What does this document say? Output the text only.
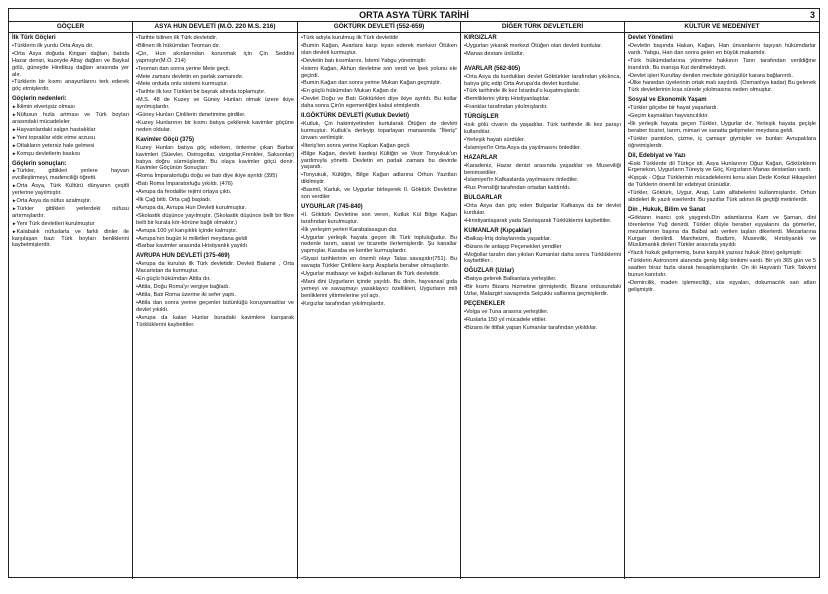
ORTA ASYA TÜRK TARİHİ	3
GÖÇLER	ASYA HUN DEVLETİ (M.Ö. 220 M.S. 216)	GÖKTÜRK DEVLETİ (552-659)	DİĞER TÜRK DEVLETLERİ	KÜLTÜR VE MEDENİYET
İlk Türk Göçleri
•Türklerin ilk yurdu Orta Asya dır.
•Orta Asya doğuda Kingan dağları, batıda Hazar denizi, kuzeyde Altay dağları ve Baykal gölü, güneyde Hindikuş dağları arasında yer alır.
•Türklerin bir kısmı anayurtlarını terk ederek göç etmişlerdir.
Göçlerin nedenleri:
► İklimin elverişsiz olması
► Nüfusun hızla artması ve Türk boyları arasındaki mücadeleler
► Hayvanlardaki salgın hastalıklar
► Yeni topraklar elde etme arzusu
► Otlakların yetersiz hale gelmesi
► Komşu devletlerin baskısı
Göçlerin sonuçları:
► Türkler, gittikleri yerlere hayvan evcilleştirmeyi, madenciliği öğretti.
► Orta Asya, Türk Kültürü dünyanın çeşitli yerlerine yayılmıştır.
► Orta Asya da nüfus azalmıştır.
► Türkler gittikleri yerlerdeki nüfusu artırmışlardır.
► Yeni Türk devletleri kurulmuştur
► Kalabalık nüfuslarla ve farklı dinler ile karşılaşan bazı Türk boyları benliklerini kaybetmişlerdir.
• Tarihte bilinen ilk Türk devletidir.
• Bilinen ilk hükümdarı Teoman dır.
• Çin, Hun akınlarından korunmak için Çin Seddini yapmıştır(M.Ö. 214)
• Teoman dan sonra yerine Mete geçti.
• Mete zamanı devletin en parlak zamanıdır.
• Mete orduda onlu sistemi kurmuştur.
• Tarihte ilk kez Türkleri bir bayrak altında toplamıştır.
• M.S. 48 de Kuzey ve Güney Hunları olmak üzere ikiye ayrılmışlardır.
• Güney Hunları Çinlilerin denetimine girdiler.
• Kuzey Hunlarının bir kısmı batıya çekilerek kavimler göçüne neden oldular.
Kavimler Göçü (375)
Kuzey Hunları batıya göç ederken, önlerine çıkan Barbar kavimleri (Süevler, Ostrogotlar, vizigotlar,Frenkler, Saksonlar) batıya doğru sürmüşlerdir. Bu olaya kavimler göçü denir. Kavimler Göçünün Sonuçları:
• Roma İmparatorluğu doğu ve batı diye ikiye ayrıldı (395)
• Batı Roma İmparatorluğu yıkıldı. (476)
• Avrupa da feodalite rejimi ortaya çıktı.
• İlk Çağ bitti. Orta çağ başladı.
• Avrupa da, Avrupa Hun Devleti kurulmuştur.
• Skolastik düşünce yayılmıştır. (Skolastik düşünce belli bir fikre belli bir kurala kör-körüne bağlı olmaktır.)
• Avrupa 100 yıl karışıklık içinde kalmıştır.
• Avrupa'nın bugün ki milletleri meydana geldi
• Barbar kavimler arasında Hristiyanlık yayıldı
AVRUPA HUN DEVLETİ (375-469)
• Avrupa da kurulan ilk Türk devletidir. Devleti Balamir , Orta Macaristan da kurmuştur.
• En güçlü hükümdarı Attila dır.
• Attila, Doğu Roma'yı vergiye bağladı.
• Attila, Batı Roma üzerine iki sefer yaptı.
• Attila dan sonra yerine geçenler bütünlüğü koruyamadılar ve devlet yıkıldı.
• Avrupa da kalan Hunlar buradaki kavimlere karışarak Türklüklerini kaybettiler.
• Türk adıyla kurulmuş ilk Türk devletidir
• Bumin Kağan, Avarlara karşı isyan ederek merkezi Ötüken olan devleti kurmuştur.
• Devletin batı kısımlarını, İstemi Yabgu yönetmiştir.
• İstemi Kağan, Akhun devletine son verdi ve İpek yolunu ele geçirdi.
• Bumin Kağan dan sonra yerine Mukan Kağan geçmiştir.
• En güçlü hükümdarı Mukan Kağan dır.
• Devlet Doğu ve Batı Göktürkleri diye ikiye ayrıldı. Bu kollar daha sonra Çin'in egemenliğini kabul etmişlerdir.
II.GÖKTÜRK DEVLETİ (Kutluk Devleti)
• Kutluk, Çin hakimiyetinden kurtularak Ötüğen de devleti kurmuştur. Kutluk'a derleyip toparlayan manasında "İlteriş" ünvanı verilmiştir.
• İlteriş'ten sonra yerine Kapkan Kağan geçti.
• Bilge Kağan, devleti kardeşi Kültiğin ve Vezir Tonyukuk'un yardımıyla yönetti. Devletin en parlak zamanı bu devirde yaşandı.
• Tonyukuk, Kültiğin, Bilge Kağan adlarına Orhun Yazıtları dikilmiştir.
• Basmil, Karluk, ve Uygurlar birleşerek II. Göktürk Devletine son verdiler
UYGURLAR (745-840)
• II. Göktürk Devletine son veren, Kutluk Kül Bilge Kağan tarafından kurulmuştur.
• İlk yerleşim yerleri Karabalasagun dur.
• Uygurlar yerleşik hayata geçen ilk Türk topluluğudur. Bu nedenle tarım, sanat ve ticarette ilerlemişlerdir. Şu kanallar yapmışlar. Kasaba ve kentler kurmuşlardır.
• Siyasi tarihlerinin en önemli olayı Talas savaşıdır(751). Bu savaşta Türkler Çinlilere karşı Araplarla beraber olmuşlardır.
• Uygurlar matbaayı ve kağıdı kullanan ilk Türk devletidir.
• Mani dini Uygurların içinde yayıldı. Bu dinin, hayvansal gıda yemeyi ve savaşmayı yasaklayıcı özellikleri, Uygurların mili benliklerini yitirmelerine yol açtı.
• Kırgızlar tarafından yıkılmışlardır.
KIRGIZLAR
•Uygurları yıkarak merkezi Ötüğen olan devleti kurdular.
•Manas destanı ünlüdür.
AVARLAR (562-805)
• Orta Asya da kurdukları devlet Göktürkler tarafından yıkılınca, batıya göç edip Orta Avrupa'da devlet kurdular.
•Türk tarihinde ilk kez İstanbul'u kuşatmışlardır.
• Bemliklerini yitirip Hristiyanlaştılar.
• Franklar tarafından yıkılmışlardır.
TÜRGİŞLER
• Isık gölü civarın da yaşadılar. Türk tarihinde ilk kez parayı kullandılar.
• Yerleşik hayatı sürdüler.
• İslamiyet'in Orta Asya da yayılmasını önlediler.
HAZARLAR
• Karadeniz, Hazar denizi arasında yaşadılar ve Museviliği benimsediler.
• İslamiyet'in Kafkaslarda yayılmasını önlediler.
• Rus Prensliği tarafından ortadan kaldırıldı.
BULGARLAR
• Orta Asya dan göç eden Bulgarlar Kafkasya da bir devlet kurdular.
• Hıristiyanlaşarak yada Slavlaşarak Türklüklerini kaybettiler.
KUMANLAR (Kıpçaklar)
• Balkaş-İrtiş dolaylarında yaşadılar.
• Bizans ile anlaşıp Peçenekleri yendiler
• Moğollar tarafın dan yıkılan Kumanlar daha sonra Türklüklerini kaybettiler .
OĞUZLAR (Uzlar)
• Batıya gelerek Balkanlara yerleştiler.
• Bir kısmı Bizans hizmetine girmişlerdir. Bizans ordusundaki Uzlar, Malazgirt savaşında Selçuklu saflarına geçmişlerdir.
PEÇENEKLER
• Volga ve Tuna arasına yerleştiler.
• Ruslarla 150 yıl mücadele ettiler.
• Bizans ile ittifak yapan Kumanlar tarafından yıkıldılar.
Devlet Yönetimi
• Devletin başında Hakan, Kağan, Han ünvanlarını taşıyan hükümdarlar vardı. Yabgu, Han dan sonra gelen en büyük makamdır.
•Türk hükümdarlarına yönetme hakkının Tanrı tarafından verildiğine inanılırdı. Bu inanışa Kut denilmekteydi.
• Devlet işleri Kurultay denilen mecliste görüşülür karara bağlanırdı.
• Ülke hanedan üyelerinin ortak malı sayılırdı. (Osmanlıya kadar) Bu gelenek Türk devletlerinin kısa sürede yıkılmasına neden olmuştur.
Sosyal ve Ekonomik Yaşam
• Türkler göçebe bir hayat yaşarlardı.
• Geçim kaynakları hayvancılıktır.
• İlk yerleşik hayata geçen Türkler, Uygurlar dır. Yerleşik hayata geçişle beraber ticaret, tarım, mimari ve sanatta gelişmeler meydana geldi.
• Türkler pantolon, çizme, iç çamaşır giymişler ve bunları Avrupalılara öğretmişlerdir.
Dil, Edebiyat ve Yazı
• Eski Türklerde dil Türkçe idi. Asya Hunlarının Oğuz Kağan, Göktürklerin Ergenekon, Uygurların Türeyiş ve Göç, Kırgızların Manas destanları vardı.
• Kıpçak - Oğuz Türklerinin mücadelelerini konu alan Dede Korkut Hikayeleri de Türklerin önemli bir edebiyat ürünüdür.
• Türkler, Göktürk, Uygur, Arap, Latin alfabelerini kullanmışlardır. Orhun abideleri ilk yazılı eserlerdir. Bu yazıtlar Türk adının ilk geçtiği metinlerdir.
Din , Hukuk, Bilim ve Sanat
• Göktanrı inancı çok yaygındı.Din adamlarına Kam ve Şaman, dini törenlerine Yuğ denirdi. Türkler ölüyle beraber eşyalarını da gömerler, mezarlarının başına da Balbal adı verilen taşları dikerlerdi. Mezarlarına Kurgan denilirdi. Maniheizm, Budizm, Musevilik, Hıristiyanlık ve Müslümanlık dinleri Türkler arasında yayıldı
• Yazılı hukuk gelişmemiş, buna karşılık yazısız hukuk (töre) gelişmiştir.
• Türklerin Astronomi alanında geniş bilgi birikimi vardı. Bir yılı 365 gün ve 5 saatten biraz fazla olarak hesaplamışlardır. On iki Hayvanlı Türk Takvimi bunun kanıtıdır.
• Demircilik, maden işlemeciliği, süs eşyaları, dokumacılık san atları gelişmiştir.
